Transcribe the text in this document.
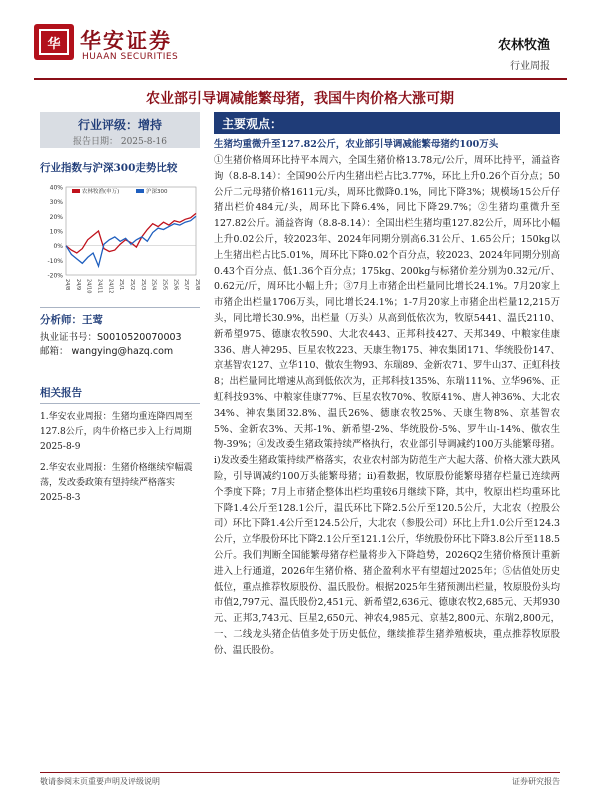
华 华安证券
HUAAN SECURITIES
农林牧渔
行业周报
农业部引导调减能繁母猪，我国牛肉价格大涨可期
行业评级：增持
报告日期： 2025-8-16
行业指数与沪深300走势比较
40%
30%
20%
10%
0%
-10%
-20%
24/8 24/9 24/10 24/11 24/12 25/1 25/2 25/3 25/4 25/5 25/6 25/7 25/8
农林牧渔(申万)	沪深300
分析师：王莺
执业证书号：S0010520070003
邮箱： wangying@hazq.com
相关报告
1.华安农业周报：生猪均重连降四周至127.8公斤，肉牛价格已步入上行周期 2025-8-9
2.华安农业周报：生猪价格继续窄幅震荡，发改委政策有望持续严格落实 2025-8-3
主要观点：
生猪均重微升至127.82公斤，农业部引导调减能繁母猪约100万头
①生猪价格周环比持平本周六，全国生猪价格13.78元/公斤，周环比持平，涌益咨询（8.8-8.14）：全国90公斤内生猪出栏占比3.77%，环比上升0.26个百分点；50公斤二元母猪价格1611元/头，周环比微降0.1%，同比下降3%；规模场15公斤仔猪出栏价484元/头，周环比下降6.4%，同比下降29.7%；②生猪均重微升至127.82公斤。涌益咨询（8.8-8.14）：全国出栏生猪均重127.82公斤，周环比小幅上升0.02公斤，较2023年、2024年同期分别高6.31公斤、1.65公斤；150kg以上生猪出栏占比5.01%，周环比下降0.02个百分点，较2023、2024年同期分别高0.43个百分点、低1.36个百分点；175kg、200kg与标猪价差分别为0.32元/斤、0.62元/斤，周环比小幅上升；③7月上市猪企出栏量同比增长24.1%。7月20家上市猪企出栏量1706万头，同比增长24.1%；1-7月20家上市猪企出栏量12,215万头，同比增长30.9%，出栏量（万头）从高到低依次为，牧原5441、温氏2110、新希望975、德康农牧590、大北农443、正邦科技427、天邦349、中粮家佳康336、唐人神295、巨星农牧223、天康生物175、神农集团171、华统股份147、京基智农127、立华110、傲农生物93、东瑞89、金新农71、罗牛山37、正虹科技8；出栏量同比增速从高到低依次为，正邦科技135%、东瑞111%、立华96%、正虹科技93%、中粮家佳康77%、巨星农牧70%、牧原41%、唐人神36%、大北农34%、神农集团32.8%、温氏26%、德康农牧25%、天康生物8%、京基智农5%、金新农3%、天邦-1%、新希望-2%、华统股份-5%、罗牛山-14%、傲农生物-39%；④发改委生猪政策持续严格执行，农业部引导调减约100万头能繁母猪。i)发改委生猪政策持续严格落实，农业农村部为防范生产大起大落、价格大涨大跌风险，引导调减约100万头能繁母猪；ii)看数据，牧原股份能繁母猪存栏量已连续两个季度下降；7月上市猪企整体出栏均重较6月继续下降，其中，牧原出栏均重环比下降1.4公斤至128.1公斤，温氏环比下降2.5公斤至120.5公斤，大北农（控股公司）环比下降1.4公斤至124.5公斤，大北农（参股公司）环比上升1.0公斤至124.3公斤，立华股份环比下降2.1公斤至121.1公斤，华统股份环比下降3.8公斤至118.5公斤。我们判断全国能繁母猪存栏量将步入下降趋势，2026Q2生猪价格预计重新进入上行通道，2026年生猪价格、猪企盈利水平有望超过2025年；⑤估值处历史低位，重点推荐牧原股份、温氏股份。根据2025年生猪预测出栏量，牧原股份头均市值2,797元、温氏股份2,451元、新希望2,636元、德康农牧2,685元、天邦930元、正邦3,743元、巨星2,650元、神农4,985元、京基2,800元、东瑞2,800元，一、二线龙头猪企估值多处于历史低位，继续推荐生猪养殖板块，重点推荐牧原股份、温氏股份。
敬请参阅末页重要声明及评级说明	证券研究报告
